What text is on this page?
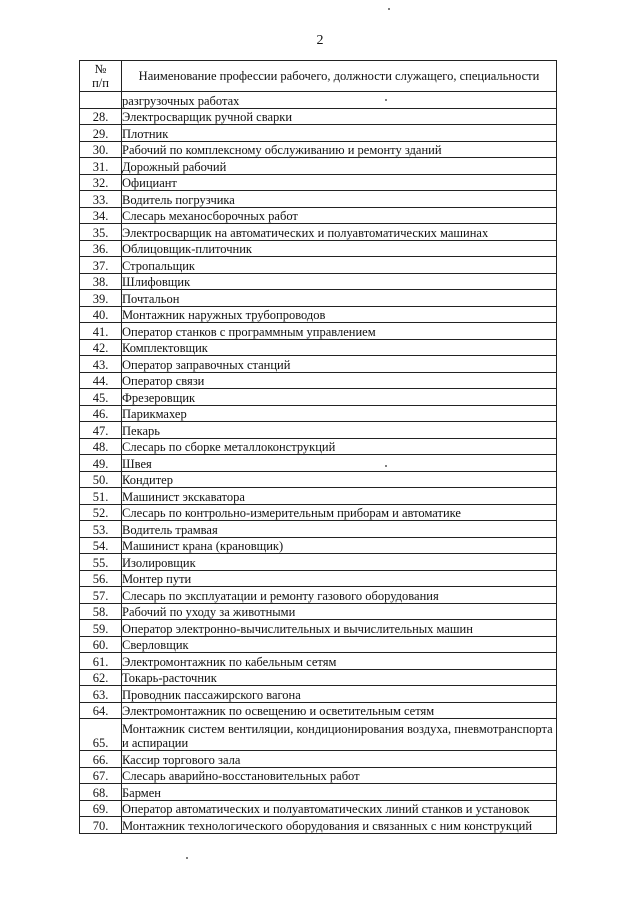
2
№
п/п	Наименование профессии рабочего, должности служащего, специальности
	разгрузочных работах
28.	Электросварщик ручной сварки
29.	Плотник
30.	Рабочий по комплексному обслуживанию и ремонту зданий
31.	Дорожный рабочий
32.	Официант
33.	Водитель погрузчика
34.	Слесарь механосборочных работ
35.	Электросварщик на автоматических и полуавтоматических машинах
36.	Облицовщик-плиточник
37.	Стропальщик
38.	Шлифовщик
39.	Почтальон
40.	Монтажник наружных трубопроводов
41.	Оператор станков с программным управлением
42.	Комплектовщик
43.	Оператор заправочных станций
44.	Оператор связи
45.	Фрезеровщик
46.	Парикмахер
47.	Пекарь
48.	Слесарь по сборке металлоконструкций
49.	Швея
50.	Кондитер
51.	Машинист экскаватора
52.	Слесарь по контрольно-измерительным приборам и автоматике
53.	Водитель трамвая
54.	Машинист крана (крановщик)
55.	Изолировщик
56.	Монтер пути
57.	Слесарь по эксплуатации и ремонту газового оборудования
58.	Рабочий по уходу за животными
59.	Оператор электронно-вычислительных и вычислительных машин
60.	Сверловщик
61.	Электромонтажник по кабельным сетям
62.	Токарь-расточник
63.	Проводник пассажирского вагона
64.	Электромонтажник по освещению и осветительным сетям
65.	Монтажник систем вентиляции, кондиционирования воздуха, пневмотранспорта и аспирации
66.	Кассир торгового зала
67.	Слесарь аварийно-восстановительных работ
68.	Бармен
69.	Оператор автоматических и полуавтоматических линий станков и установок
70.	Монтажник технологического оборудования и связанных с ним конструкций
